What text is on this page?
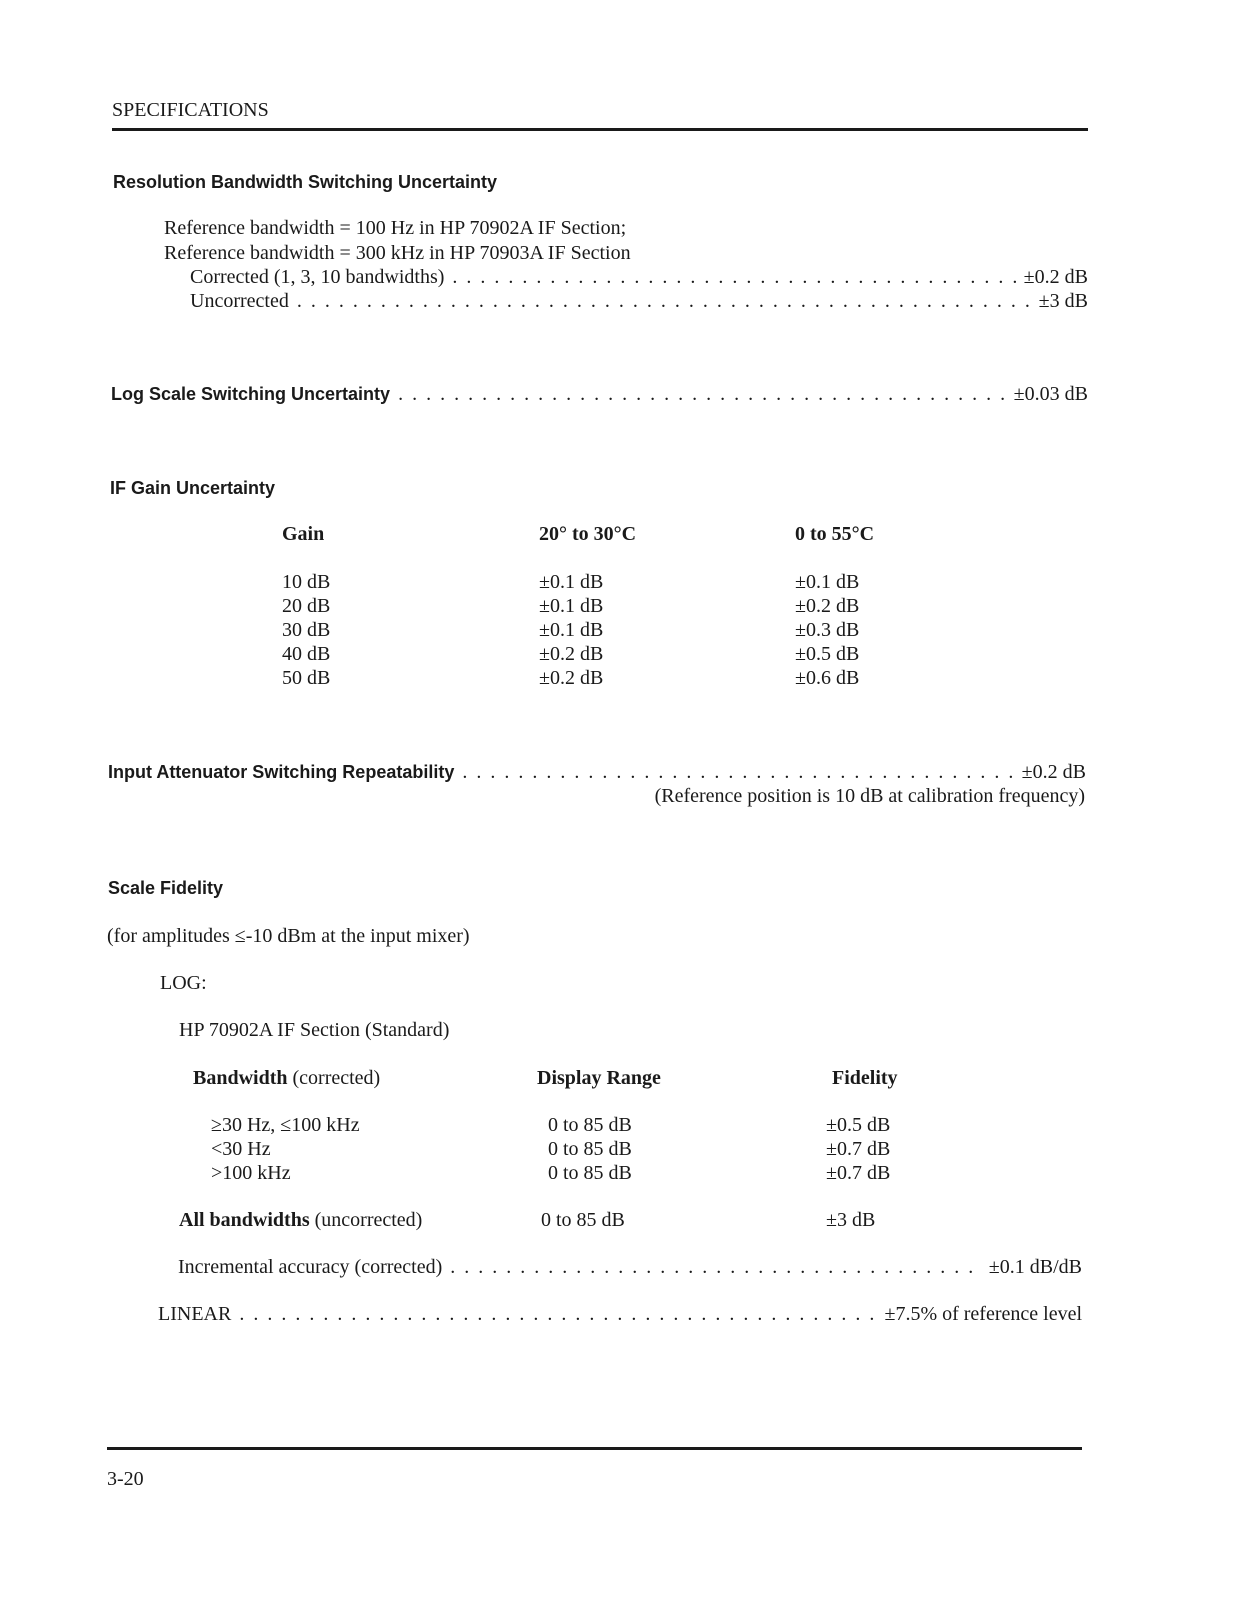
SPECIFICATIONS
Resolution Bandwidth Switching Uncertainty
Reference bandwidth = 100 Hz in HP 70902A IF Section;
Reference bandwidth = 300 kHz in HP 70903A IF Section
Corrected (1, 3, 10 bandwidths) . . .	±0.2 dB
Uncorrected . . .	±3 dB
Log Scale Switching Uncertainty . . .	±0.03 dB
IF Gain Uncertainty
Gain	20° to 30°C	0 to 55°C
10 dB	±0.1 dB	±0.1 dB
20 dB	±0.1 dB	±0.2 dB
30 dB	±0.1 dB	±0.3 dB
40 dB	±0.2 dB	±0.5 dB
50 dB	±0.2 dB	±0.6 dB
Input Attenuator Switching Repeatability . . .	±0.2 dB
(Reference position is 10 dB at calibration frequency)
Scale Fidelity
(for amplitudes ≤-10 dBm at the input mixer)
LOG:
HP 70902A IF Section (Standard)
Bandwidth (corrected)	Display Range	Fidelity
≥30 Hz, ≤100 kHz	0 to 85 dB	±0.5 dB
<30 Hz	0 to 85 dB	±0.7 dB
>100 kHz	0 to 85 dB	±0.7 dB
All bandwidths (uncorrected)	0 to 85 dB	±3 dB
Incremental accuracy (corrected) . . .	±0.1 dB/dB
LINEAR . . .	±7.5% of reference level
3-20
